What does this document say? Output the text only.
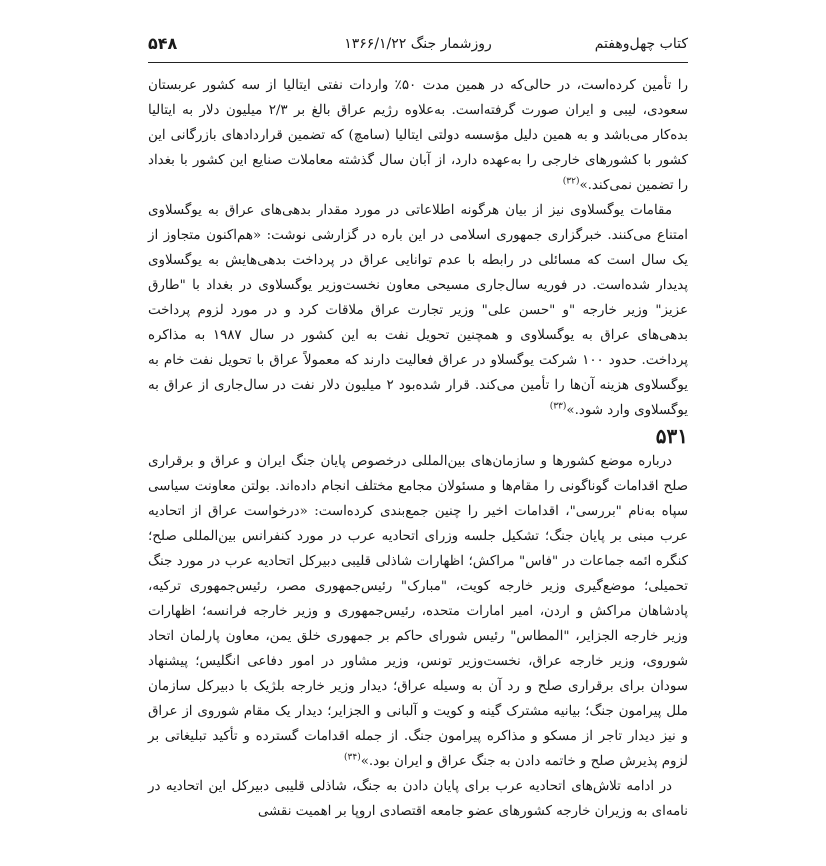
کتاب چهل‌وهفتم
روزشمار جنگ ۱۳۶۶/۱/۲۲
۵۴۸

را تأمین کرده‌است، در حالی‌که در همین مدت ۵۰٪ واردات نفتی ایتالیا از سه کشور عربستان سعودی، لیبی و ایران صورت گرفته‌است. به‌علاوه رژیم عراق بالغ بر ۲/۳ میلیون دلار به ایتالیا بده‌کار می‌باشد و به همین دلیل مؤسسه دولتی ایتالیا (سامچ) که تضمین قراردادهای بازرگانی این کشور با کشورهای خارجی را به‌عهده دارد، از آبان سال گذشته معاملات صنایع این کشور با بغداد را تضمین نمی‌کند.»$^{(۳۲)}$

مقامات یوگسلاوی نیز از بیان هرگونه اطلاعاتی در مورد مقدار بدهی‌های عراق به یوگسلاوی امتناع می‌کنند. خبرگزاری جمهوری اسلامی در این باره در گزارشی نوشت: «هم‌اکنون متجاوز از یک سال است که مسائلی در رابطه با عدم توانایی عراق در پرداخت بدهی‌هایش به یوگسلاوی پدیدار شده‌است. در فوریه سال‌جاری مسیحی معاون نخست‌وزیر یوگسلاوی در بغداد با "طارق عزیز" وزیر خارجه "و "حسن علی" وزیر تجارت عراق ملاقات کرد و در مورد لزوم پرداخت بدهی‌های عراق به یوگسلاوی و همچنین تحویل نفت به این کشور در سال ۱۹۸۷ به مذاکره پرداخت. حدود ۱۰۰ شرکت یوگسلاو در عراق فعالیت دارند که معمولاً عراق با تحویل نفت خام به یوگسلاوی هزینه آن‌ها را تأمین می‌کند. قرار شده‌بود ۲ میلیون دلار نفت در سال‌جاری از عراق به یوگسلاوی وارد شود.»$^{(۳۳)}$

۵۳۱

درباره موضع کشورها و سازمان‌های بین‌المللی درخصوص پایان جنگ ایران و عراق و برقراری صلح اقدامات گوناگونی را مقام‌ها و مسئولان مجامع مختلف انجام داده‌اند. بولتن معاونت سیاسی سپاه به‌نام "بررسی"، اقدامات اخیر را چنین جمع‌بندی کرده‌است: «درخواست عراق از اتحادیه عرب مبنی بر پایان جنگ؛ تشکیل جلسه وزرای اتحادیه عرب در مورد کنفرانس بین‌المللی صلح؛ کنگره ائمه جماعات در "فاس" مراکش؛ اظهارات شاذلی قلیبی دبیرکل اتحادیه عرب در مورد جنگ تحمیلی؛ موضع‌گیری وزیر خارجه کویت، "مبارک" رئیس‌جمهوری مصر، رئیس‌جمهوری ترکیه، پادشاهان مراکش و اردن، امیر امارات متحده، رئیس‌جمهوری و وزیر خارجه فرانسه؛ اظهارات وزیر خارجه الجزایر، "المطاس" رئیس شورای حاکم بر جمهوری خلق یمن، معاون پارلمان اتحاد شوروی، وزیر خارجه عراق، نخست‌وزیر تونس، وزیر مشاور در امور دفاعی انگلیس؛ پیشنهاد سودان برای برقراری صلح و رد آن به وسیله عراق؛ دیدار وزیر خارجه بلژیک با دبیرکل سازمان ملل پیرامون جنگ؛ بیانیه مشترک گینه و کویت و آلبانی و الجزایر؛ دیدار یک مقام شوروی از عراق و نیز دیدار تاجر از مسکو و مذاکره پیرامون جنگ. از جمله اقدامات گسترده و تأکید تبلیغاتی بر لزوم پذیرش صلح و خاتمه دادن به جنگ عراق و ایران بود.»$^{(۳۴)}$

در ادامه تلاش‌های اتحادیه عرب برای پایان دادن به جنگ، شاذلی قلیبی دبیرکل این اتحادیه در نامه‌ای به وزیران خارجه کشورهای عضو جامعه اقتصادی اروپا بر اهمیت نقشی
